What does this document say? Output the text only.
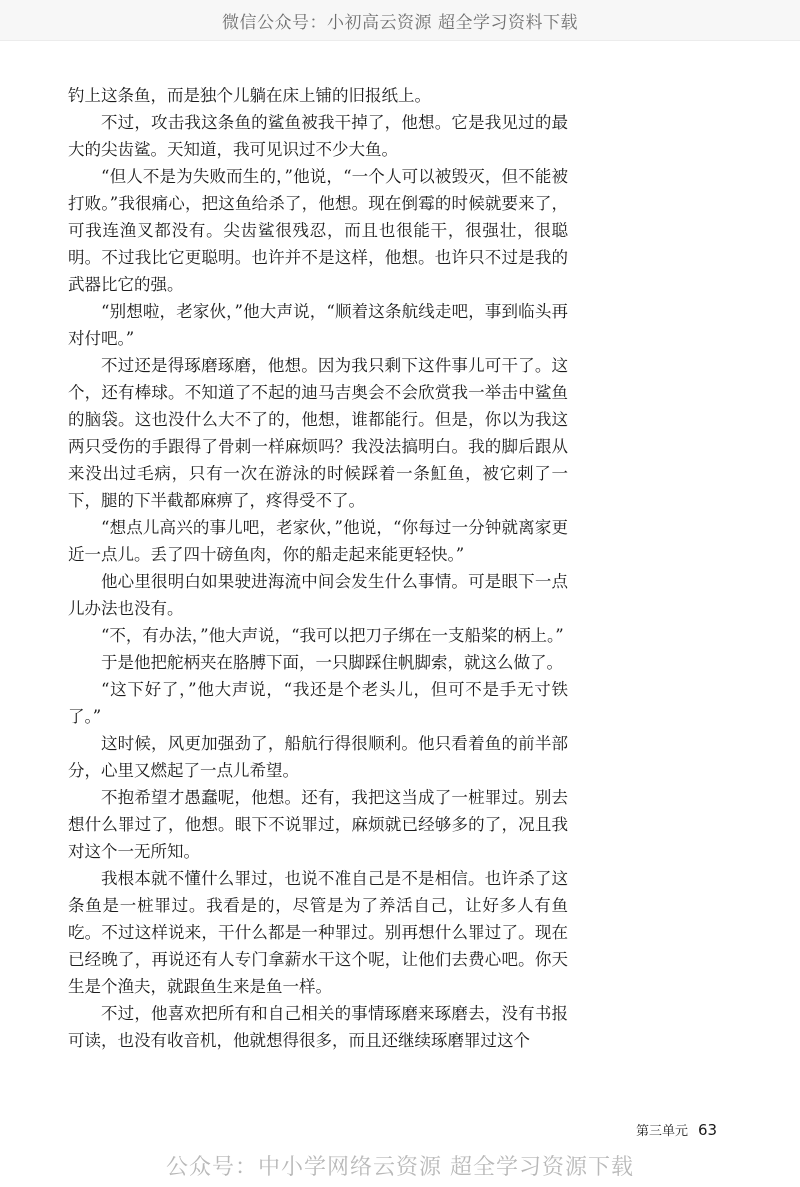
微信公众号：小初高云资源 超全学习资料下载

钓上这条鱼，而是独个儿躺在床上铺的旧报纸上。

不过，攻击我这条鱼的鲨鱼被我干掉了，他想。它是我见过的最大的尖齿鲨。天知道，我可见识过不少大鱼。

“但人不是为失败而生的，”他说，“一个人可以被毁灭，但不能被打败。”我很痛心，把这鱼给杀了，他想。现在倒霉的时候就要来了，可我连渔叉都没有。尖齿鲨很残忍，而且也很能干，很强壮，很聪明。不过我比它更聪明。也许并不是这样，他想。也许只不过是我的武器比它的强。

“别想啦，老家伙，”他大声说，“顺着这条航线走吧，事到临头再对付吧。”

不过还是得琢磨琢磨，他想。因为我只剩下这件事儿可干了。这个，还有棒球。不知道了不起的迪马吉奥会不会欣赏我一举击中鲨鱼的脑袋。这也没什么大不了的，他想，谁都能行。但是，你以为我这两只受伤的手跟得了骨刺一样麻烦吗？我没法搞明白。我的脚后跟从来没出过毛病，只有一次在游泳的时候踩着一条魟鱼，被它刺了一下，腿的下半截都麻痹了，疼得受不了。

“想点儿高兴的事儿吧，老家伙，”他说，“你每过一分钟就离家更近一点儿。丢了四十磅鱼肉，你的船走起来能更轻快。”

他心里很明白如果驶进海流中间会发生什么事情。可是眼下一点儿办法也没有。

“不，有办法，”他大声说，“我可以把刀子绑在一支船桨的柄上。”

于是他把舵柄夹在胳膊下面，一只脚踩住帆脚索，就这么做了。

“这下好了，”他大声说，“我还是个老头儿，但可不是手无寸铁了。”

这时候，风更加强劲了，船航行得很顺利。他只看着鱼的前半部分，心里又燃起了一点儿希望。

不抱希望才愚蠢呢，他想。还有，我把这当成了一桩罪过。别去想什么罪过了，他想。眼下不说罪过，麻烦就已经够多的了，况且我对这个一无所知。

我根本就不懂什么罪过，也说不准自己是不是相信。也许杀了这条鱼是一桩罪过。我看是的，尽管是为了养活自己，让好多人有鱼吃。不过这样说来，干什么都是一种罪过。别再想什么罪过了。现在已经晚了，再说还有人专门拿薪水干这个呢，让他们去费心吧。你天生是个渔夫，就跟鱼生来是鱼一样。

不过，他喜欢把所有和自己相关的事情琢磨来琢磨去，没有书报可读，也没有收音机，他就想得很多，而且还继续琢磨罪过这个

第三单元 63
公众号：中小学网络云资源 超全学习资源下载
